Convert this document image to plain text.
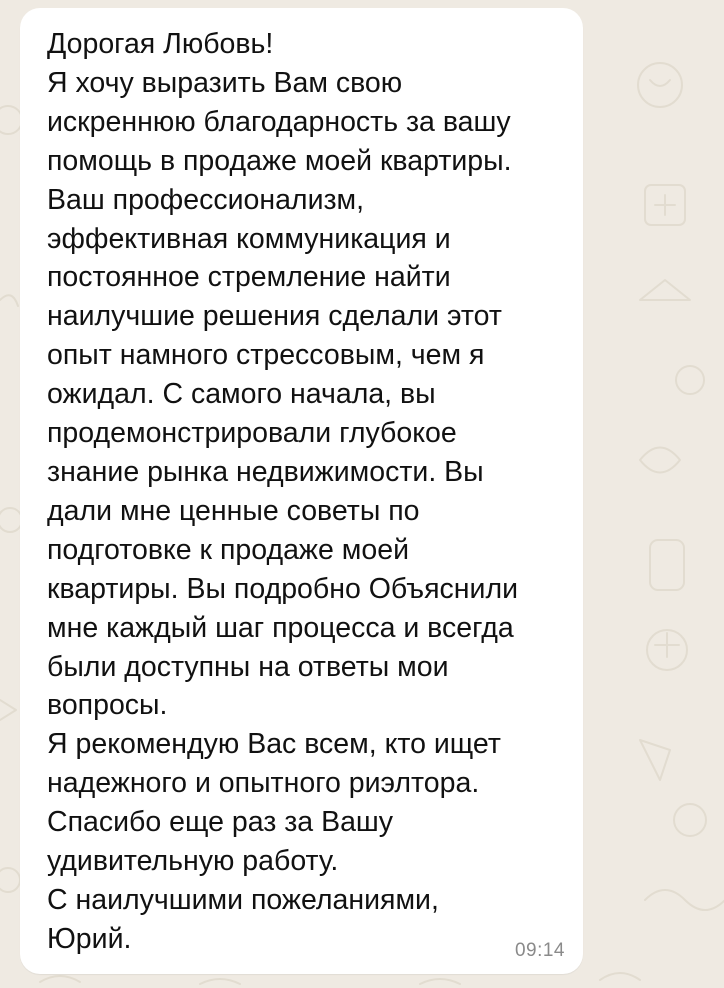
Дорогая Любовь!
Я хочу выразить Вам свою
искреннюю благодарность за вашу
помощь в продаже моей квартиры.
Ваш профессионализм,
эффективная коммуникация и
постоянное стремление найти
наилучшие решения сделали этот
опыт намного стрессовым, чем я
ожидал. С самого начала, вы
продемонстрировали глубокое
знание рынка недвижимости. Вы
дали мне ценные советы по
подготовке к продаже моей
квартиры. Вы подробно Объяснили
мне каждый шаг процесса и всегда
были доступны на ответы мои
вопросы.
Я рекомендую Вас всем, кто ищет
надежного и опытного риэлтора.
Спасибо еще раз за Вашу
удивительную работу.
С наилучшими пожеланиями,
Юрий.	09:14
